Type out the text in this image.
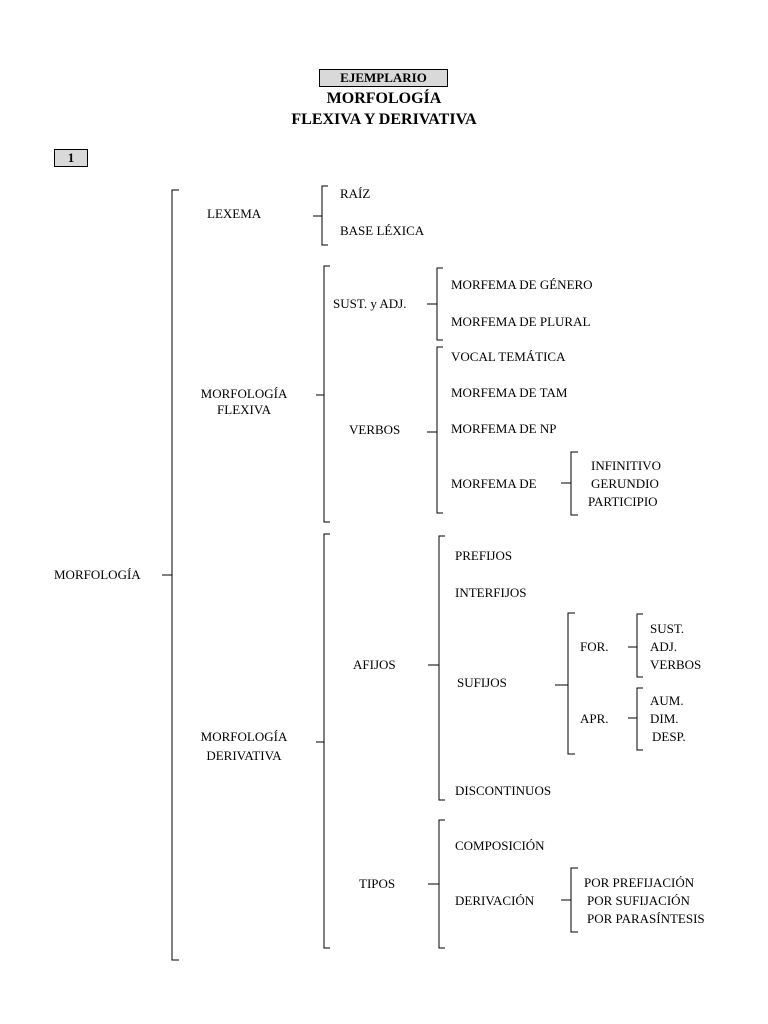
EJEMPLARIO
MORFOLOGÍA
FLEXIVA Y DERIVATIVA
1
MORFOLOGÍA
LEXEMA
RAÍZ
BASE LÉXICA
MORFOLOGÍA
FLEXIVA
SUST. y ADJ.
MORFEMA DE GÉNERO
MORFEMA DE PLURAL
VERBOS
VOCAL TEMÁTICA
MORFEMA DE TAM
MORFEMA DE NP
MORFEMA DE
INFINITIVO
GERUNDIO
PARTICIPIO
MORFOLOGÍA
DERIVATIVA
AFIJOS
PREFIJOS
INTERFIJOS
SUFIJOS
DISCONTINUOS
FOR.
SUST.
ADJ.
VERBOS
APR.
AUM.
DIM.
DESP.
TIPOS
COMPOSICIÓN
DERIVACIÓN
POR PREFIJACIÓN
POR SUFIJACIÓN
POR PARASÍNTESIS
